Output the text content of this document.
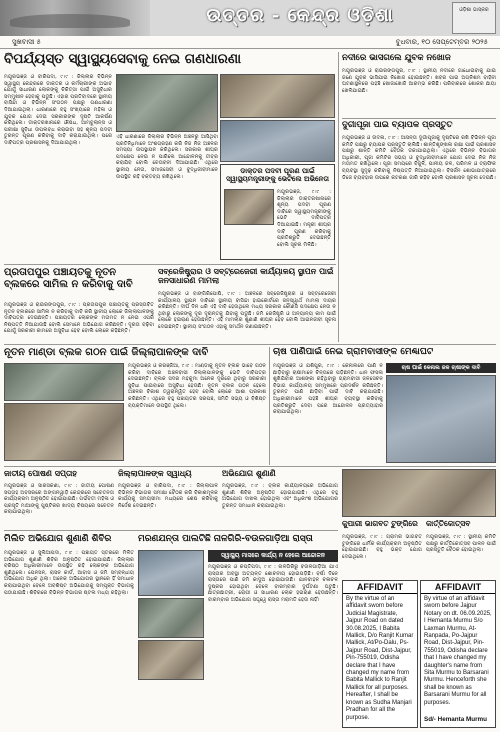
ଉତ୍ତର - କେନ୍ଦ୍ର ଓଡ଼ିଶା	ଓଡ଼ିଶା ଭାସ୍କର
ସୁଖବାସୀ ୫	ବୁଧବାର, ୧୦ ସେପ୍ଟେମ୍ବର ୨୦୨୫
ବିପର୍ଯ୍ୟସ୍ତ ସ୍ୱାସ୍ଥ୍ୟସେବାକୁ ନେଇ ଗଣଧାରଣା
ମୟୂରଭଞ୍ଜ ଓ ବାରିପଦା, ୯।୯ : ଜିଲ୍ଲାର ବିଭିନ୍ନ ସ୍ୱାସ୍ଥ୍ୟ କେନ୍ଦ୍ରରେ ଡାକ୍ତର ଓ କର୍ମଚାରୀଙ୍କ ଅଭାବ ଯୋଗୁଁ ସାଧାରଣ ଲୋକଙ୍କୁ ଚିକିତ୍ସା ପାଇଁ ଅସୁବିଧାର ସମ୍ମୁଖୀନ ହେବାକୁ ପଡୁଛି। ଏହାର ପ୍ରତିବାଦରେ ସ୍ଥାନୀୟ ବାସିନ୍ଦା ଓ ବିଭିନ୍ନ ସଂଗଠନ ପକ୍ଷରୁ ଗଣଧାରଣା ଦିଆଯାଇଥିଲା। ଧାରଣାରେ ବହୁ ସଂଖ୍ୟାରେ ମହିଳା ଓ ଯୁବକ ଯୋଗ ଦେଇ ସରକାରଙ୍କ ଦୃଷ୍ଟି ଆକର୍ଷଣ କରିଥିଲେ। ଡାକ୍ତରଖାନାରେ ଔଷଧ, ଆମ୍ବୁଲାନ୍ସ ଓ ପରୀକ୍ଷା ସୁବିଧା ଉପଲବ୍ଧ କରାଇବା ସହ ଶୂନ୍ୟ ପଦବୀ ତୁରନ୍ତ ପୂରଣ କରିବାକୁ ଦାବି କରାଯାଇଥିଲା। ପରେ ଦାବିପତ୍ର ପ୍ରଶାସନକୁ ଦିଆଯାଇଥିଲା।
ଏହି ଧାରଣାରେ ଜିଲ୍ଲାର ବିଭିନ୍ନ ଅଞ୍ଚଳରୁ ଆସିଥିବା ପ୍ରତିନିଧିମାନେ ଅଂଶଗ୍ରହଣ କରି ନିଜ ନିଜ ଅଞ୍ଚଳର ସମସ୍ୟା ଉପସ୍ଥାପନ କରିଥିଲେ। ସରକାର ଶୀଘ୍ର ପଦକ୍ଷେପ ନେଇ ନ ପାରିଲେ ଆନ୍ଦୋଳନକୁ ତୀବ୍ର କରାଯିବ ବୋଲି ଚେତାବନୀ ଦିଆଯାଇଛି। ଏଥିରେ ସ୍ଥାନୀୟ ନେତା, ସମାଜସେବୀ ଓ ବୁଦ୍ଧିଜୀବୀମାନେ ଉପସ୍ଥିତ ରହି ବକ୍ତବ୍ୟ ରଖିଥିଲେ।
ଡାକ୍ତର ପଦବୀ ପୂରଣ ପାଇଁ ସ୍ୱାସ୍ଥ୍ୟମନ୍ତ୍ରୀଙ୍କୁ ଭେଟିଲେ ଅଭିନେତା
ମୟୂରଭଞ୍ଜ, ୯।୯ : ଜିଲ୍ଲାର ଡାକ୍ତରଖାନାରେ ଶୂନ୍ୟ ପଦବୀ ପୂରଣ ଦାବିରେ ସ୍ୱାସ୍ଥ୍ୟମନ୍ତ୍ରୀଙ୍କୁ ଭେଟି ଦାବିପତ୍ର ଦିଆଯାଇଛି। ମନ୍ତ୍ରୀ ଶୀଘ୍ର ଦାବି ପୂରଣ କରିବାକୁ ପ୍ରତିଶ୍ରୁତି ଦେଇଛନ୍ତି ବୋଲି ସୂଚନା ମିଳିଛି।
ନଦୀରେ ଭାସିଗଲେ ଯୁବକ ନିଖୋଜ
ମୟୂରଭଞ୍ଜ ଓ ରାଇରଙ୍ଗପୁର, ୯।୯ : ସ୍ଥାନୀୟ ନଦୀରେ ଗାଧୋଇବାକୁ ଯାଇ ଜଣେ ଯୁବକ ଭାସିଯାଇ ନିଖୋଜ ହୋଇଛନ୍ତି। ଖବର ପାଇ ଅଗ୍ନିଶମ ବାହିନୀ ଘଟଣାସ୍ଥଳରେ ପହଞ୍ଚି ଖୋଜାଖୋଜି ଆରମ୍ଭ କରିଛି। ପରିବାରରେ ଶୋକର ଛାୟା ଖେଳିଯାଇଛି।
ଦୁର୍ଗାପୂଜା ପାଇଁ ବ୍ୟାପକ ପ୍ରସ୍ତୁତି
ମୟୂରଭଞ୍ଜ ଓ ଉଦଳା, ୯।୯ : ଆସନ୍ତା ଦୁର୍ଗାପୂଜାକୁ ଦୃଷ୍ଟିରେ ରଖି ବିଭିନ୍ନ ପୂଜା କମିଟି ପକ୍ଷରୁ ବ୍ୟାପକ ପ୍ରସ୍ତୁତି ଚାଲିଛି। ଶାନ୍ତିଶୃଙ୍ଖଳା ରକ୍ଷା ପାଇଁ ପ୍ରଶାସନ ପକ୍ଷରୁ ଶାନ୍ତି କମିଟି ବୈଠକ ଡକାଯାଇଥିଲା। ଏଥିରେ ବିଭିନ୍ନ ବିଭାଗର ଅଧିକାରୀ, ପୂଜା କମିଟିର ସଭ୍ୟ ଓ ବୁଦ୍ଧିଜୀବୀମାନେ ଯୋଗ ଦେଇ ନିଜ ନିଜ ମତାମତ ରଖିଥିଲେ। ପୂଜା ସମୟରେ ବିଜୁଳି, ପାନୀୟ ଜଳ, ପରିମଳ ଓ ଟ୍ରାଫିକ ବ୍ୟବସ୍ଥା ସୁଦୃଢ଼ କରିବାକୁ ନିଷ୍ପତ୍ତି ନିଆଯାଇଥିଲା। ବିସର୍ଜନ ଶୋଭାଯାତ୍ରାରେ ଡିଜେ ବ୍ୟବହାର ଉପରେ କଟକଣା ଜାରି ରହିବ ବୋଲି ପ୍ରଶାସନ ସୂଚନା ଦେଇଛି।
ପ୍ରତାପପୁର ପଞ୍ଚାୟତକୁ ନୂତନ ବ୍ଲକରେ ସାମିଲ ନ କରିବାକୁ ଦାବି
ମୟୂରଭଞ୍ଜ ଓ ରାଇରଙ୍ଗପୁର, ୯।୯ : ପ୍ରତାପପୁର ପଞ୍ଚାୟତକୁ ପ୍ରସ୍ତାବିତ ନୂତନ ବ୍ଲକରେ ସାମିଲ ନ କରିବାକୁ ଦାବି କରି ସ୍ଥାନୀୟ ଲୋକେ ଜିଲ୍ଲାପାଳଙ୍କୁ ଦାବିପତ୍ର ଦେଇଛନ୍ତି। ପଞ୍ଚାୟତର ଲୋକଙ୍କ ମତାମତ ନ ନେଇ ଏପରି ନିଷ୍ପତ୍ତି ନିଆଯାଉଛି ବୋଲି ସେମାନେ ଅଭିଯୋଗ କରିଛନ୍ତି। ଦୂରତା ବଢ଼ିବା ଯୋଗୁଁ ସରକାରୀ କାମରେ ଅସୁବିଧା ହେବ ବୋଲି ଲୋକେ କହିଛନ୍ତି।
ସବ୍‌ରେଜିଷ୍ଟ୍ରାର ଓ ସବ୍‌ଟ୍ରେଜେରୀ କାର୍ଯ୍ୟାଳୟ ସ୍ଥାପନ ପାଇଁ ଜନସାଧାରଣ ମାମଲା
ମୟୂରଭଞ୍ଜ ଓ ବାଙ୍ଗିରିପୋଷି, ୯।୯ : ଅଞ୍ଚଳରେ ସବ୍‌ରେଜିଷ୍ଟ୍ରାର ଓ ସବ୍‌ଟ୍ରେଜେରୀ କାର୍ଯ୍ୟାଳୟ ସ୍ଥାପନ ଦାବିରେ ସ୍ଥାନୀୟ ବାସିନ୍ଦା ହାଇକୋର୍ଟରେ ଜନସ୍ୱାର୍ଥ ମାମଲା ଦାୟର କରିଛନ୍ତି। ଦୀର୍ଘ ଦିନ ଧରି ଏହି ଦାବି ହେଉଥିଲେ ମଧ୍ୟ ସରକାର କୌଣସି ପଦକ୍ଷେପ ନେଉ ନ ଥିବାରୁ ଲୋକଙ୍କୁ ଦୂର ଦୂରାନ୍ତକୁ ଯିବାକୁ ପଡୁଛି। ଜମି ରେଜିଷ୍ଟ୍ରି ଓ ଅନ୍ୟାନ୍ୟ କାମ ପାଇଁ ଲୋକେ ହଇରାଣ ହେଉଛନ୍ତି। ଏହି ମାମଲାର ଶୁଣାଣି ଶୀଘ୍ର ହେବ ବୋଲି ଆଇନଜୀବୀ ସୂଚନା ଦେଇଛନ୍ତି। ସ୍ଥାନୀୟ ସଂଗଠନ ଏହାକୁ ସମର୍ଥନ ଜଣାଇଛନ୍ତି।
ନୂତନ ମାଣ୍ଡା ବ୍ଲକ ଗଠନ ପାଇଁ ଜିଲ୍ଲାପାଳଙ୍କ ଦାବି
ମୟୂରଭଞ୍ଜ ଓ କରଞ୍ଜିଆ, ୯।୯ : ମାଣ୍ଡାକୁ ନୂତନ ବ୍ଲକ ଭାବେ ଗଠନ କରିବା ଦାବିରେ ଅଞ୍ଚଳବାସୀ ଜିଲ୍ଲାପାଳଙ୍କୁ ଭେଟି ଦାବିପତ୍ର ଦେଇଛନ୍ତି। ବ୍ଲକ ସଦର ମହକୁମା ଅନେକ ଦୂରରେ ଥିବାରୁ ସରକାରୀ ସୁବିଧା ପାଇବାରେ ଅସୁବିଧା ହେଉଛି। ନୂତନ ବ୍ଲକ ଗଠନ ହେଲେ ଅଞ୍ଚଳର ବିକାଶ ତ୍ୱରାନ୍ୱିତ ହେବ ବୋଲି ଲୋକେ ଆଶା ପ୍ରକାଶ କରିଛନ୍ତି। ଏଥିରେ ବହୁ ପଞ୍ଚାୟତର ସରପଞ୍ଚ, ସମିତି ସଭ୍ୟ ଓ ବିଶିଷ୍ଟ ବ୍ୟକ୍ତିମାନେ ଉପସ୍ଥିତ ଥିଲେ।
ଚାଷ ପାଣିପାଇଁ ନେଇ ଗ୍ରାମବାସୀଙ୍କ ମେଣ୍ଢାଘଟ
ମୟୂରଭଞ୍ଜ ଓ ଯଶିପୁର, ୯।୯ : କେନାଲରେ ପାଣି ନ ଛାଡ଼ିବାରୁ ଚାଷୀମାନେ ଚିନ୍ତାରେ ପଡ଼ିଛନ୍ତି। ଧାନ ଫସଲ ଶୁଖିଯିବାର ଆଶଙ୍କା ରହିଥିବାରୁ ଗ୍ରାମବାସୀ ଜଳସେଚନ ବିଭାଗ କାର୍ଯ୍ୟାଳୟ ସମ୍ମୁଖରେ ପ୍ରଦର୍ଶନ କରିଛନ୍ତି। ତୁରନ୍ତ ପାଣି ଛାଡ଼ିବା ପାଇଁ ଦାବି କରାଯାଇଛି। ଅଧିକାରୀମାନେ ପହଞ୍ଚି ଶୀଘ୍ର ବ୍ୟବସ୍ଥା କରିବାକୁ ପ୍ରତିଶ୍ରୁତି ଦେବା ପରେ ଆନ୍ଦୋଳନ ପ୍ରତ୍ୟାହାର କରାଯାଇଥିଲା।
ଚାଷ ପାଇଁ କେନାଲ ଜଳ ଚାଷୀଙ୍କ ଦାବି
ଜାତୀୟ ପୋଷଣ ସପ୍ତାହ
ମୟୂରଭଞ୍ଜ ଓ ସାରସକଣା, ୯।୯ : ଜାତୀୟ ପୋଷଣ ସପ୍ତାହ ଅବସରରେ ଅଙ୍ଗନୱାଡ଼ି କେନ୍ଦ୍ରରେ ସଚେତନତା କାର୍ଯ୍ୟକ୍ରମ ଅନୁଷ୍ଠିତ ହୋଇଯାଇଛି। ଗର୍ଭବତୀ ମହିଳା ଓ ପ୍ରସୂତି ମାଆଙ୍କୁ ପୁଷ୍ଟିକର ଖାଦ୍ୟ ବିଷୟରେ ସଚେତନ କରାଯାଇଥିଲା।
ଜିଲ୍ଲାପାଳଙ୍କ ସ୍ୱାଧ୍ୟ
ମୟୂରଭଞ୍ଜ ଓ ବାରିପଦା, ୯।୯ : ଜିଲ୍ଲାପାଳ ବିଭିନ୍ନ ବିଭାଗର ସମୀକ୍ଷା ବୈଠକ କରି ବିକାଶମୂଳକ କାର୍ଯ୍ୟକୁ ସମୟସୀମା ମଧ୍ୟରେ ଶେଷ କରିବାକୁ ନିର୍ଦ୍ଦେଶ ଦେଇଛନ୍ତି।
ଅଭିଯୋଗ ଶୁଣାଣି
ମୟୂରଭଞ୍ଜ, ୯।୯ : ବ୍ଲକ କାର୍ଯ୍ୟାଳୟରେ ଅଭିଯୋଗ ଶୁଣାଣି ଶିବିର ଅନୁଷ୍ଠିତ ହୋଇଯାଇଛି। ଏଥିରେ ବହୁ ଅଭିଯୋଗ ଦାଖଲ ହୋଇଥିଲା ଏବଂ ଅଧିକାଂଶ ଅଭିଯୋଗର ତୁରନ୍ତ ସମାଧାନ କରାଯାଇଥିଲା।
କୁପାରୀ ଭାଗବତ ଟୁଙ୍ଗିରେ
ମୟୂରଭଞ୍ଜ, ୯।୯ : ଗ୍ରାମର ଭାଗବତ ଟୁଙ୍ଗିରେ ଧାର୍ମିକ କାର୍ଯ୍ୟକ୍ରମ ଅନୁଷ୍ଠିତ ହୋଇଯାଇଛି। ବହୁ ଭକ୍ତ ଯୋଗ ଦେଇଥିଲେ।
କାର୍ତ୍ତିକୋତ୍ସବ
ମୟୂରଭଞ୍ଜ, ୯।୯ : ସ୍ଥାନୀୟ କମିଟି ପକ୍ଷରୁ କାର୍ତ୍ତିକୋତ୍ସବ ପାଳନ ପାଇଁ ପ୍ରସ୍ତୁତି ବୈଠକ ହୋଇଥିଲା।
ମିଲିତ ଅଭିଯୋଗ ଶୁଣାଣି ଶିବିର
ମୟୂରଭଞ୍ଜ ଓ ସୁଲିଆପଦା, ୯।୯ : ପଞ୍ଚାୟତ ସ୍ତରରେ ମିଳିତ ଅଭିଯୋଗ ଶୁଣାଣି ଶିବିର ଅନୁଷ୍ଠିତ ହୋଇଯାଇଛି। ଜିଲ୍ଲାର ବରିଷ୍ଠ ଅଧିକାରୀମାନେ ଉପସ୍ଥିତ ରହି ଲୋକଙ୍କ ଅଭିଯୋଗ ଶୁଣିଥିଲେ। ପେନସନ, ରାସନ କାର୍ଡ, ଆବାସ ଓ ଜମି ସମ୍ବନ୍ଧୀୟ ଅଭିଯୋଗ ଅଧିକ ଥିଲା। ଅନେକ ଅଭିଯୋଗର ସ୍ଥାନରେ ହିଁ ସମାଧାନ କରାଯାଇଥିବା ବେଳେ ଅବଶିଷ୍ଟ ଅଭିଯୋଗକୁ ସମ୍ପୃକ୍ତ ବିଭାଗକୁ ପଠାଯାଇଛି। ଶିବିରରେ ବିଭିନ୍ନ ବିଭାଗର ଷ୍ଟଲ ମଧ୍ୟ ରହିଥିଲା।
ମରଣଯନ୍ତା ପାଲଟିଛି ନାଳଗିରି-ବଉଳଗାଡ଼ିଆ ରାସ୍ତା
ସ୍ୱାସ୍ଥ୍ୟ ମାସରେ କାର୍ଯ୍ୟ ନ ହେଲେ ଆନ୍ଦୋଳନ
ମୟୂରଭଞ୍ଜ ଓ କପ୍ତିପଦା, ୯।୯ : ନାଳଗିରିରୁ ବଉଳଗାଡ଼ିଆ ଯାଏ ରାସ୍ତାର ଅବସ୍ଥା ଅତ୍ୟନ୍ତ ଶୋଚନୀୟ ହୋଇପଡ଼ିଛି। ବର୍ଷା ଦିନେ ରାସ୍ତାରେ ପାଣି ଜମି କାଦୁଅ ହୋଇଯାଉଛି। ଯାନବାହନ ଚଳାଚଳ ଦୁଷ୍କର ହୋଇଥିବା ବେଳେ ବାରମ୍ବାର ଦୁର୍ଘଟଣା ଘଟୁଛି। ଛାତ୍ରଛାତ୍ରୀ, ରୋଗୀ ଓ ସାଧାରଣ ଲୋକ ହଇରାଣ ହେଉଛନ୍ତି। ବାରମ୍ବାର ଅଭିଯୋଗ ସତ୍ତ୍ୱେ ରାସ୍ତା ମରାମତି ହେଉ ନାହିଁ।
AFFIDAVIT
By the virtue of an affidavit sworn before Judicial Magistrate, Jajpur Road on dated 30.08.2025, I Babita Mallick, D/o Ranjit Kumar Mallick, At/Po-Dalu, Ps-Jajpur Road, Dist-Jajpur, Pin-755019, Odisha declare that I have changed my name from Babita Mallick to Ranjit Mallick for all purposes. Hereafter, I shall be known as Sudha Manjari Pradhan for all the purpose.
AFFIDAVIT
By virtue of an affidavit sworn before Jajpur Notary on dt. 06.09.2025, I Hemanta Murmu S/o Laxman Murmu, At-Ranpada, Po-Jajpur Road, Dist-Jajpur, Pin-755019, Odisha declare that I have changed my daughter's name from Sita Murmu to Barsarani Murmu. Henceforth she shall be known as Barsarani Murmu for all purposes.
Sd/- Hemanta Murmu
